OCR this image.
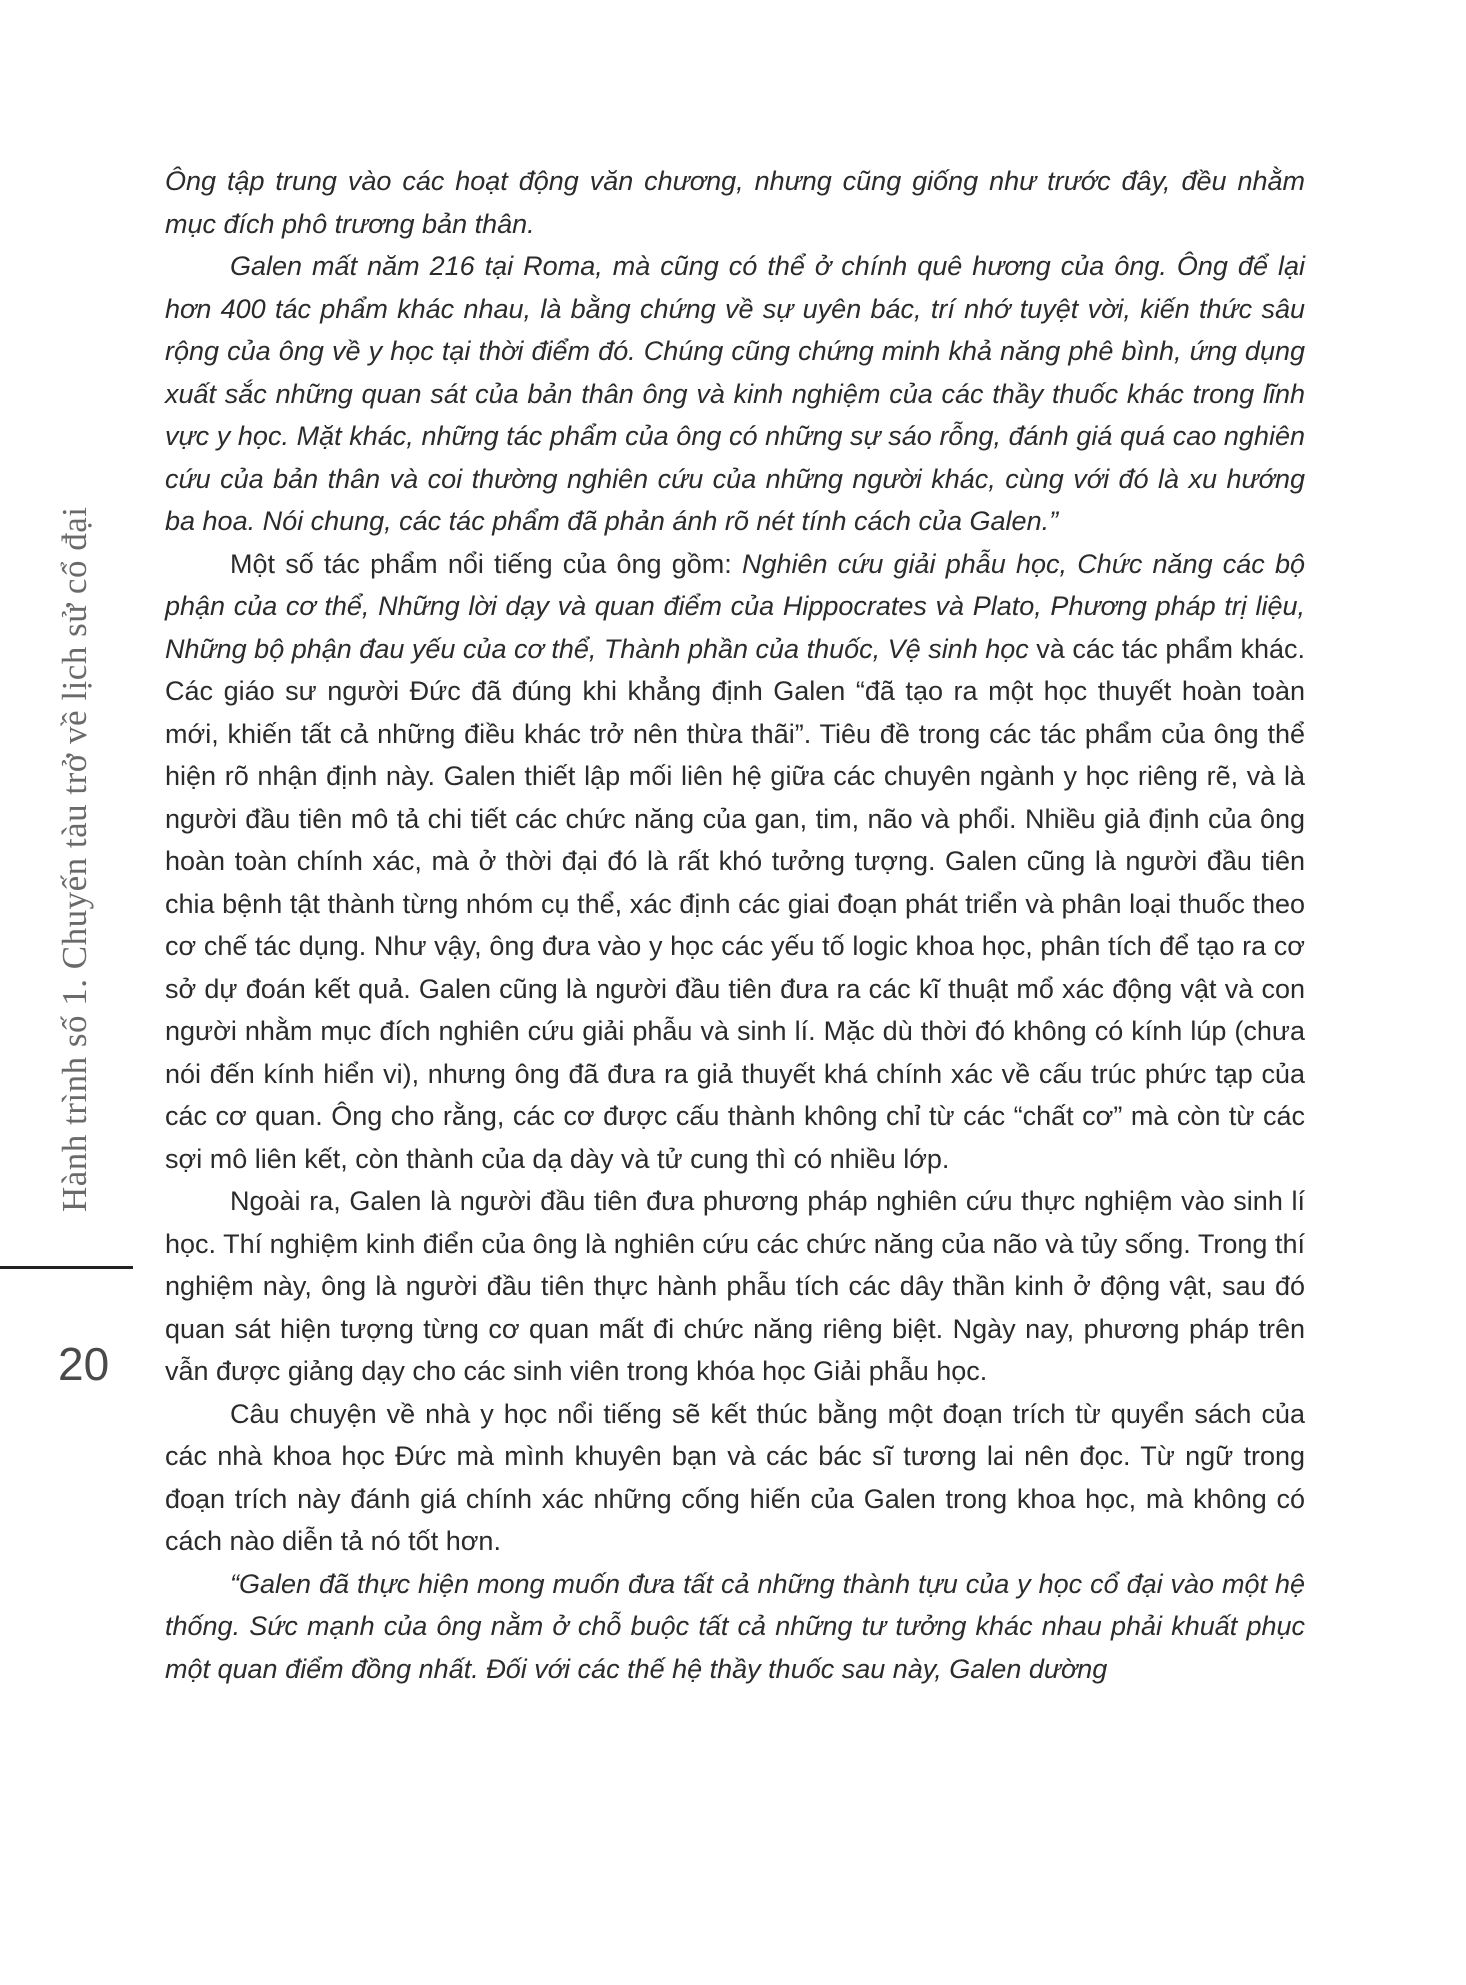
Hành trình số 1. Chuyến tàu trở về lịch sử cổ đại
20

Ông tập trung vào các hoạt động văn chương, nhưng cũng giống như trước đây, đều nhằm mục đích phô trương bản thân.

Galen mất năm 216 tại Roma, mà cũng có thể ở chính quê hương của ông. Ông để lại hơn 400 tác phẩm khác nhau, là bằng chứng về sự uyên bác, trí nhớ tuyệt vời, kiến thức sâu rộng của ông về y học tại thời điểm đó. Chúng cũng chứng minh khả năng phê bình, ứng dụng xuất sắc những quan sát của bản thân ông và kinh nghiệm của các thầy thuốc khác trong lĩnh vực y học. Mặt khác, những tác phẩm của ông có những sự sáo rỗng, đánh giá quá cao nghiên cứu của bản thân và coi thường nghiên cứu của những người khác, cùng với đó là xu hướng ba hoa. Nói chung, các tác phẩm đã phản ánh rõ nét tính cách của Galen.”

Một số tác phẩm nổi tiếng của ông gồm: Nghiên cứu giải phẫu học, Chức năng các bộ phận của cơ thể, Những lời dạy và quan điểm của Hippocrates và Plato, Phương pháp trị liệu, Những bộ phận đau yếu của cơ thể, Thành phần của thuốc, Vệ sinh học và các tác phẩm khác. Các giáo sư người Đức đã đúng khi khẳng định Galen “đã tạo ra một học thuyết hoàn toàn mới, khiến tất cả những điều khác trở nên thừa thãi”. Tiêu đề trong các tác phẩm của ông thể hiện rõ nhận định này. Galen thiết lập mối liên hệ giữa các chuyên ngành y học riêng rẽ, và là người đầu tiên mô tả chi tiết các chức năng của gan, tim, não và phổi. Nhiều giả định của ông hoàn toàn chính xác, mà ở thời đại đó là rất khó tưởng tượng. Galen cũng là người đầu tiên chia bệnh tật thành từng nhóm cụ thể, xác định các giai đoạn phát triển và phân loại thuốc theo cơ chế tác dụng. Như vậy, ông đưa vào y học các yếu tố logic khoa học, phân tích để tạo ra cơ sở dự đoán kết quả. Galen cũng là người đầu tiên đưa ra các kĩ thuật mổ xác động vật và con người nhằm mục đích nghiên cứu giải phẫu và sinh lí. Mặc dù thời đó không có kính lúp (chưa nói đến kính hiển vi), nhưng ông đã đưa ra giả thuyết khá chính xác về cấu trúc phức tạp của các cơ quan. Ông cho rằng, các cơ được cấu thành không chỉ từ các “chất cơ” mà còn từ các sợi mô liên kết, còn thành của dạ dày và tử cung thì có nhiều lớp.

Ngoài ra, Galen là người đầu tiên đưa phương pháp nghiên cứu thực nghiệm vào sinh lí học. Thí nghiệm kinh điển của ông là nghiên cứu các chức năng của não và tủy sống. Trong thí nghiệm này, ông là người đầu tiên thực hành phẫu tích các dây thần kinh ở động vật, sau đó quan sát hiện tượng từng cơ quan mất đi chức năng riêng biệt. Ngày nay, phương pháp trên vẫn được giảng dạy cho các sinh viên trong khóa học Giải phẫu học.

Câu chuyện về nhà y học nổi tiếng sẽ kết thúc bằng một đoạn trích từ quyển sách của các nhà khoa học Đức mà mình khuyên bạn và các bác sĩ tương lai nên đọc. Từ ngữ trong đoạn trích này đánh giá chính xác những cống hiến của Galen trong khoa học, mà không có cách nào diễn tả nó tốt hơn.

“Galen đã thực hiện mong muốn đưa tất cả những thành tựu của y học cổ đại vào một hệ thống. Sức mạnh của ông nằm ở chỗ buộc tất cả những tư tưởng khác nhau phải khuất phục một quan điểm đồng nhất. Đối với các thế hệ thầy thuốc sau này, Galen dường
